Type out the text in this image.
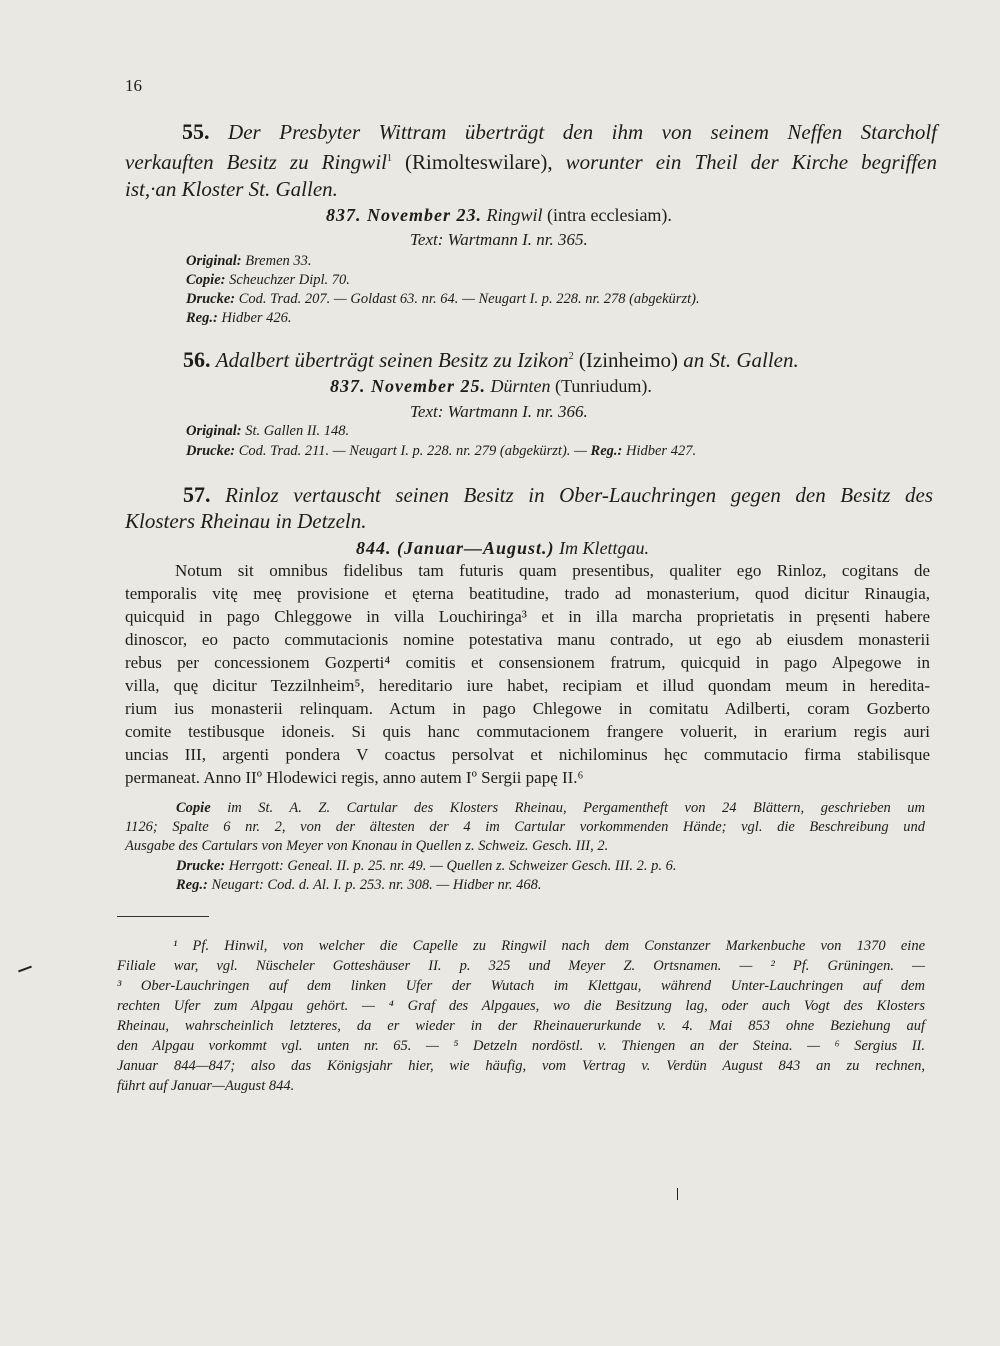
16
55. Der Presbyter Wittram überträgt den ihm von seinem Neffen Starcholf
verkauften Besitz zu Ringwil$^1$ (Rimolteswilare), worunter ein Theil der Kirche begriffen
ist,·an Kloster St. Gallen.
837. November 23. Ringwil (intra ecclesiam).
Text: Wartmann I. nr. 365.
Original: Bremen 33.
Copie: Scheuchzer Dipl. 70.
Drucke: Cod. Trad. 207. — Goldast 63. nr. 64. — Neugart I. p. 228. nr. 278 (abgekürzt).
Reg.: Hidber 426.
56. Adalbert überträgt seinen Besitz zu Izikon$^2$ (Izinheimo) an St. Gallen.
837. November 25. Dürnten (Tunriudum).
Text: Wartmann I. nr. 366.
Original: St. Gallen II. 148.
Drucke: Cod. Trad. 211. — Neugart I. p. 228. nr. 279 (abgekürzt). — Reg.: Hidber 427.
57. Rinloz vertauscht seinen Besitz in Ober-Lauchringen gegen den Besitz des
Klosters Rheinau in Detzeln.
844. (Januar—August.) Im Klettgau.
Notum sit omnibus fidelibus tam futuris quam presentibus, qualiter ego Rinloz, cogitans de
temporalis vitę meę provisione et ęterna beatitudine, trado ad monasterium, quod dicitur Rinaugia,
quicquid in pago Chleggowe in villa Louchiringa³ et in illa marcha proprietatis in pręsenti habere
dinoscor, eo pacto commutacionis nomine potestativa manu contrado, ut ego ab eiusdem monasterii
rebus per concessionem Gozperti⁴ comitis et consensionem fratrum, quicquid in pago Alpegowe in
villa, quę dicitur Tezzilnheim⁵, hereditario iure habet, recipiam et illud quondam meum in heredita-
rium ius monasterii relinquam. Actum in pago Chlegowe in comitatu Adilberti, coram Gozberto
comite testibusque idoneis. Si quis hanc commutacionem frangere voluerit, in erarium regis auri
uncias III, argenti pondera V coactus persolvat et nichilominus hęc commutacio firma stabilisque
permaneat. Anno IIº Hlodewici regis, anno autem Iº Sergii papę II.⁶
Copie im St. A. Z. Cartular des Klosters Rheinau, Pergamentheft von 24 Blättern, geschrieben um
1126; Spalte 6 nr. 2, von der ältesten der 4 im Cartular vorkommenden Hände; vgl. die Beschreibung und
Ausgabe des Cartulars von Meyer von Knonau in Quellen z. Schweiz. Gesch. III, 2.
Drucke: Herrgott: Geneal. II. p. 25. nr. 49. — Quellen z. Schweizer Gesch. III. 2. p. 6.
Reg.: Neugart: Cod. d. Al. I. p. 253. nr. 308. — Hidber nr. 468.
¹ Pf. Hinwil, von welcher die Capelle zu Ringwil nach dem Constanzer Markenbuche von 1370 eine
Filiale war, vgl. Nüscheler Gotteshäuser II. p. 325 und Meyer Z. Ortsnamen. — ² Pf. Grüningen. —
³ Ober-Lauchringen auf dem linken Ufer der Wutach im Klettgau, während Unter-Lauchringen auf dem
rechten Ufer zum Alpgau gehört. — ⁴ Graf des Alpgaues, wo die Besitzung lag, oder auch Vogt des Klosters
Rheinau, wahrscheinlich letzteres, da er wieder in der Rheinauerurkunde v. 4. Mai 853 ohne Beziehung auf
den Alpgau vorkommt vgl. unten nr. 65. — ⁵ Detzeln nordöstl. v. Thiengen an der Steina. — ⁶ Sergius II.
Januar 844—847; also das Königsjahr hier, wie häufig, vom Vertrag v. Verdün August 843 an zu rechnen,
führt auf Januar—August 844.
